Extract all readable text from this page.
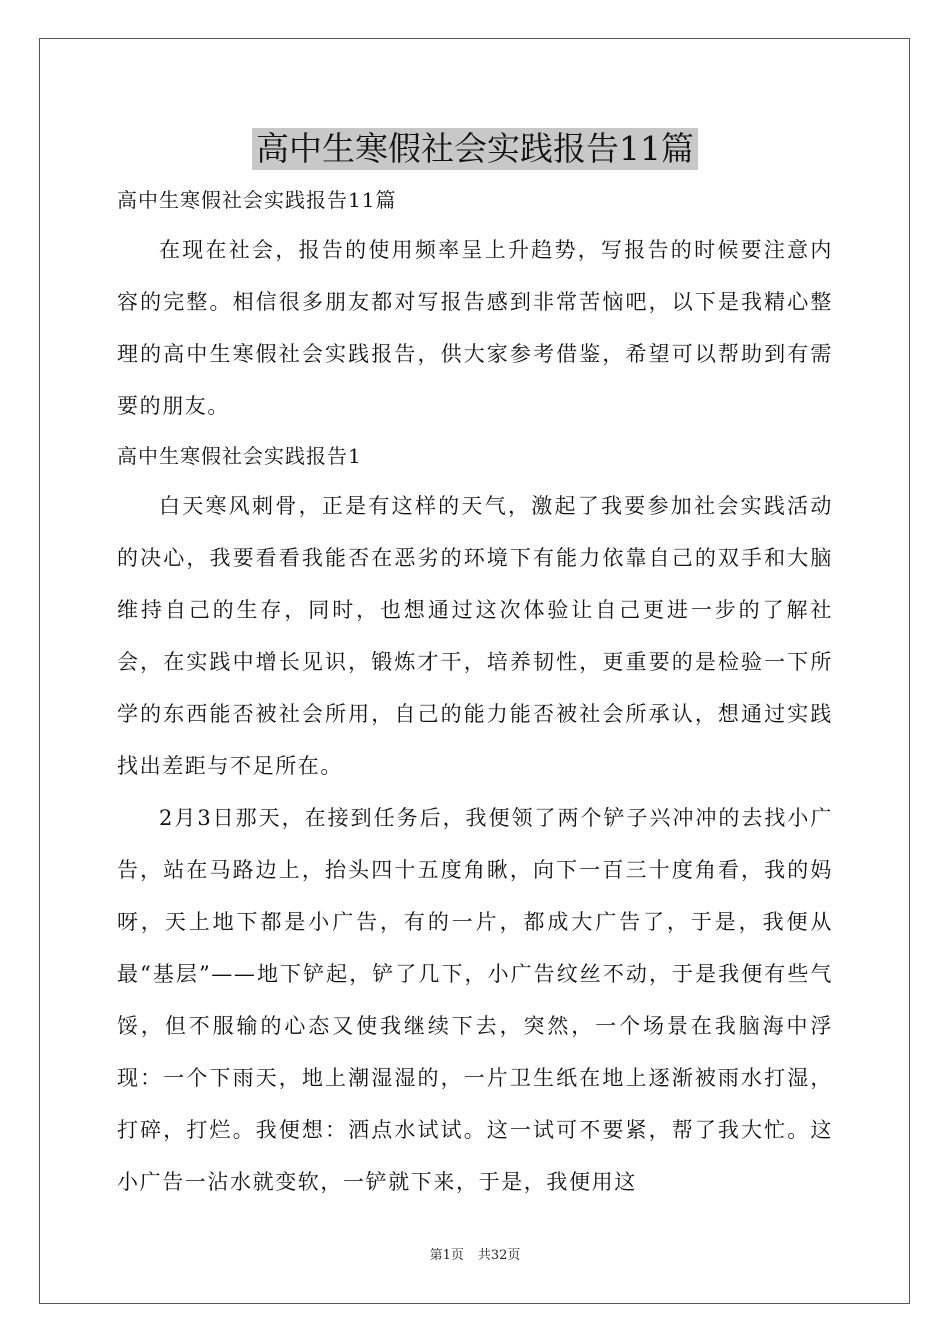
高中生寒假社会实践报告11篇
高中生寒假社会实践报告11篇

在现在社会，报告的使用频率呈上升趋势，写报告的时候要注意内容的完整。相信很多朋友都对写报告感到非常苦恼吧，以下是我精心整理的高中生寒假社会实践报告，供大家参考借鉴，希望可以帮助到有需要的朋友。

高中生寒假社会实践报告1

白天寒风刺骨，正是有这样的天气，激起了我要参加社会实践活动的决心，我要看看我能否在恶劣的环境下有能力依靠自己的双手和大脑维持自己的生存，同时，也想通过这次体验让自己更进一步的了解社会，在实践中增长见识，锻炼才干，培养韧性，更重要的是检验一下所学的东西能否被社会所用，自己的能力能否被社会所承认，想通过实践找出差距与不足所在。

2月3日那天，在接到任务后，我便领了两个铲子兴冲冲的去找小广告，站在马路边上，抬头四十五度角瞅，向下一百三十度角看，我的妈呀，天上地下都是小广告，有的一片，都成大广告了，于是，我便从最“基层”——地下铲起，铲了几下，小广告纹丝不动，于是我便有些气馁，但不服输的心态又使我继续下去，突然，一个场景在我脑海中浮现：一个下雨天，地上潮湿湿的，一片卫生纸在地上逐渐被雨水打湿，打碎，打烂。我便想：洒点水试试。这一试可不要紧，帮了我大忙。这小广告一沾水就变软，一铲就下来，于是，我便用这

第1页 共32页
